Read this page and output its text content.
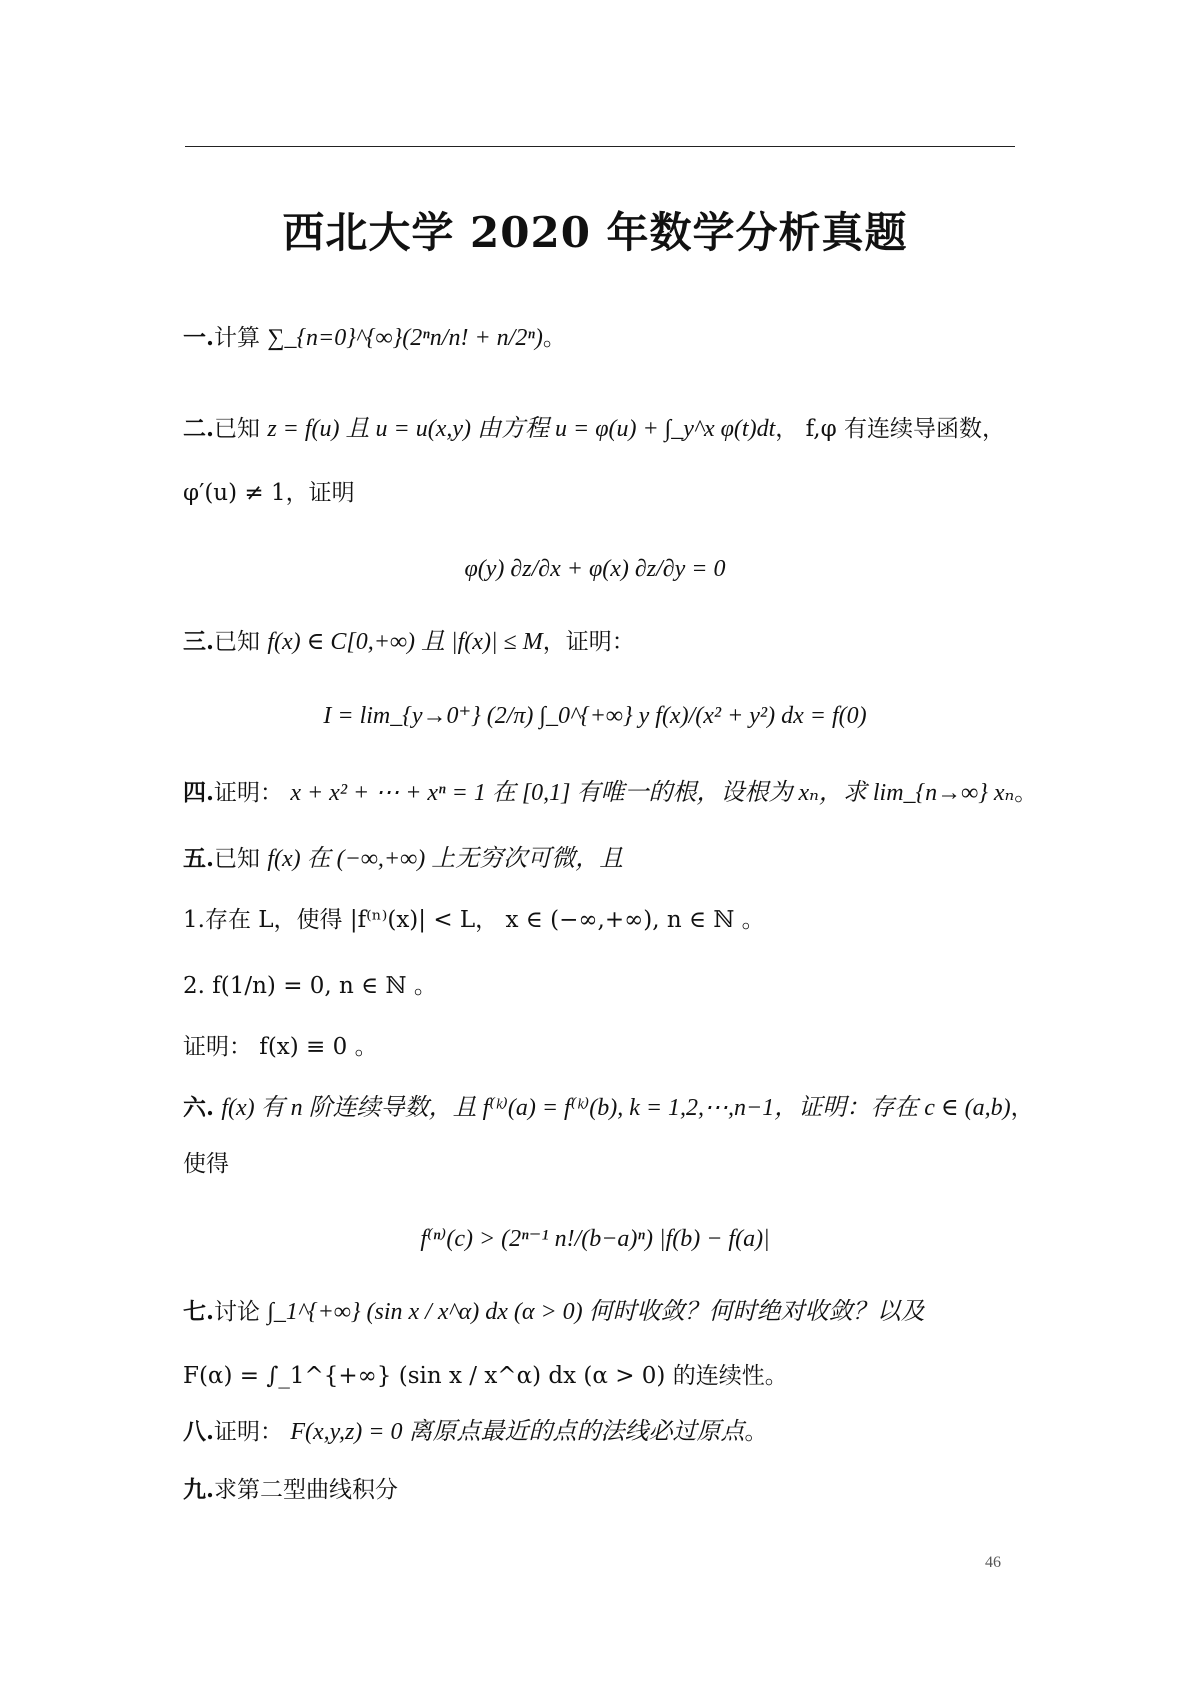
西北大学 2020 年数学分析真题
一.计算 ∑_{n=0}^{∞}(2ⁿn/n! + n/2ⁿ)。
二.已知 z = f(u) 且 u = u(x,y) 由方程 u = φ(u) + ∫_y^x φ(t)dt， f,φ 有连续导函数，
φ′(u) ≠ 1，证明
φ(y) ∂z/∂x + φ(x) ∂z/∂y = 0
三.已知 f(x) ∈ C[0,+∞) 且 |f(x)| ≤ M，证明：
I = lim_{y→0⁺} (2/π) ∫_0^{+∞} y f(x)/(x² + y²) dx = f(0)
四.证明： x + x² + ⋯ + xⁿ = 1 在 [0,1] 有唯一的根，设根为 xₙ，求 lim_{n→∞} xₙ。
五.已知 f(x) 在 (−∞,+∞) 上无穷次可微，且
1.存在 L，使得 |f⁽ⁿ⁾(x)| < L， x ∈ (−∞,+∞), n ∈ ℕ 。
2. f(1/n) = 0, n ∈ ℕ 。
证明： f(x) ≡ 0 。
六. f(x) 有 n 阶连续导数，且 f⁽ᵏ⁾(a) = f⁽ᵏ⁾(b), k = 1,2,⋯,n−1，证明：存在 c ∈ (a,b)，
使得
f⁽ⁿ⁾(c) > (2ⁿ⁻¹ n!/(b−a)ⁿ) |f(b) − f(a)|
七.讨论 ∫_1^{+∞} (sin x / x^α) dx (α > 0) 何时收敛？何时绝对收敛？以及
F(α) = ∫_1^{+∞} (sin x / x^α) dx (α > 0) 的连续性。
八.证明： F(x,y,z) = 0 离原点最近的点的法线必过原点。
九.求第二型曲线积分
46
